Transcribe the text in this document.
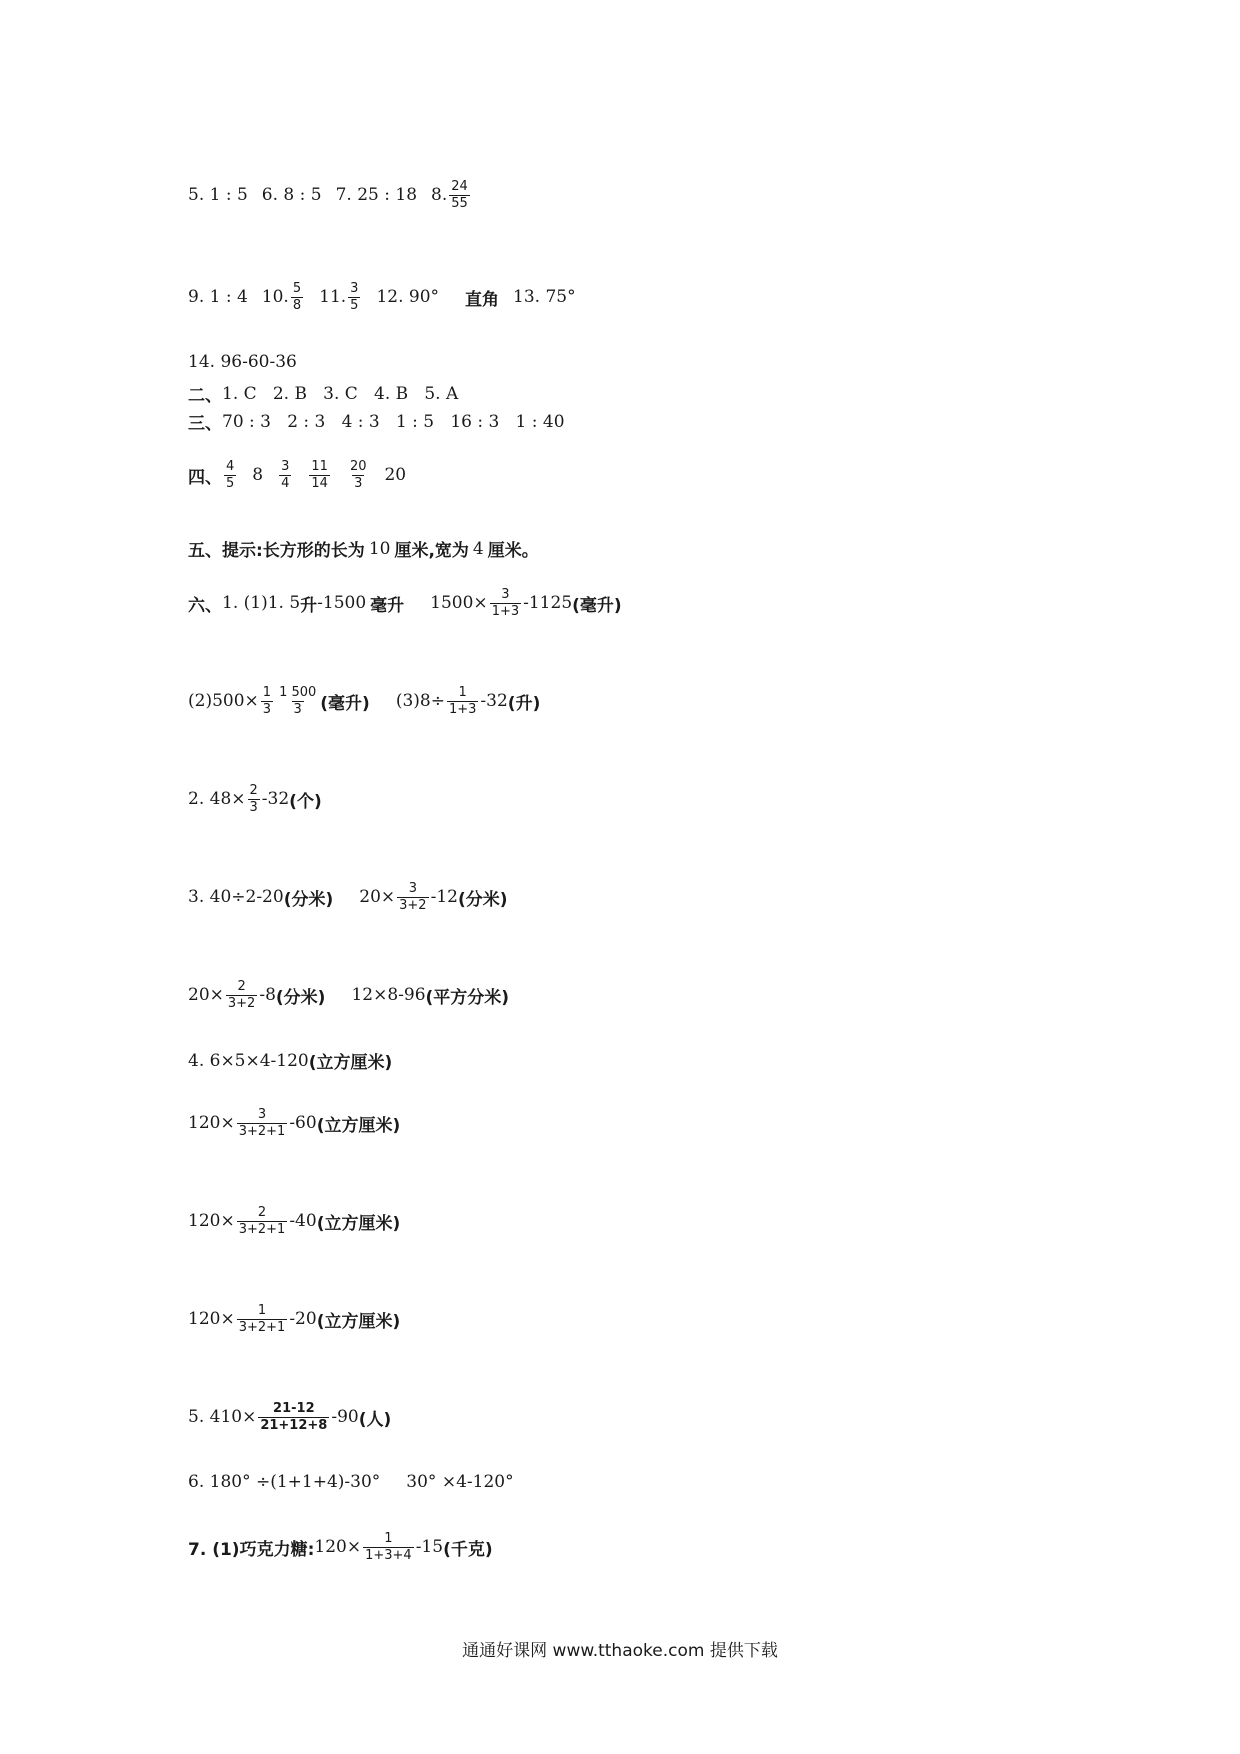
5. 1 : 5 6. 8 : 5 7. 25 : 18 8. $\frac{24}{55}$
9. 1 : 4 10. $\frac{5}{8} 11$. $\frac{3}{5} 12$. 90° 直角 13. 75°
14. 96-60-36
二、 1. C   2. B   3. C   4. B   5. A
三、 70 : 3   2 : 3   4 : 3   1 : 5   16 : 3   1 : 40
四、 $\frac{4}{5} 8 \frac{3}{4} \frac{11}{14} \frac{20}{3} 20$
五、提示:长方形的长为 10 厘米,宽为 4 厘米。
六、 1. (1)1. 5 升 -1500 毫升 $1500\times \frac{3}{1+3} -1125$ (毫升)
$(2)500\times \frac{1}{3} \frac{1 500}{3}$ (毫升) $(3)8\div \frac{1}{1+3} -32$ (升)
2. $48\times \frac{2}{3} -32$ (个)
3. 40÷2-20 (分米) $20\times \frac{3}{3+2} -12$ (分米)
$20\times \frac{2}{3+2} -8$ (分米) 12×8-96 (平方分米)
4. 6×5×4-120 (立方厘米)
$120\times \frac{3}{3+2+1} -60$ (立方厘米)
$120\times \frac{2}{3+2+1} -40$ (立方厘米)
$120\times \frac{1}{3+2+1} -20$ (立方厘米)
5. $410\times \frac{21-12}{21+12+8} -90$ (人)
6. 180° ÷(1+1+4)-30° 30° ×4-120°
7. (1)巧克力糖: $120\times \frac{1}{1+3+4} -15$ (千克)
通通好课网 www.tthaoke.com 提供下载
